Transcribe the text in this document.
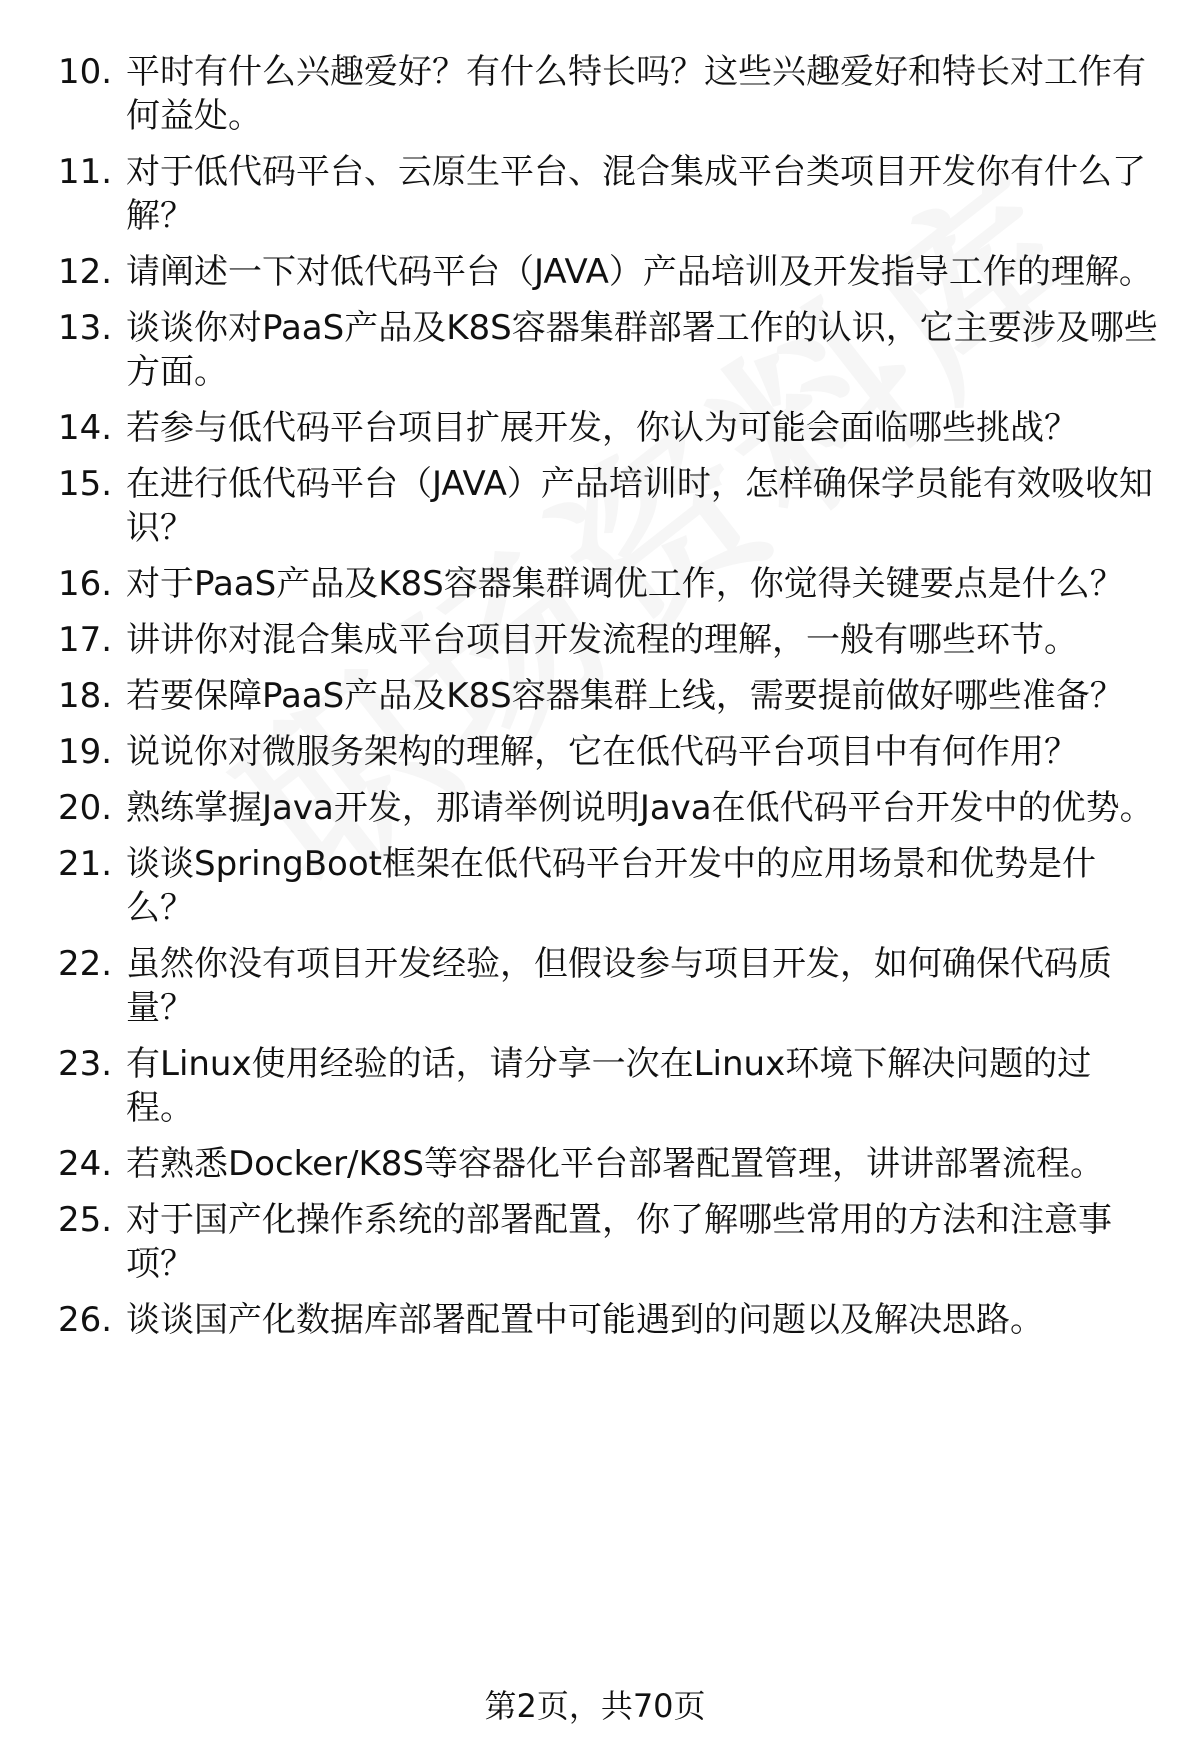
10. 平时有什么兴趣爱好？有什么特长吗？这些兴趣爱好和特长对工作有何益处。
11. 对于低代码平台、云原生平台、混合集成平台类项目开发你有什么了解？
12. 请阐述一下对低代码平台（JAVA）产品培训及开发指导工作的理解。
13. 谈谈你对PaaS产品及K8S容器集群部署工作的认识，它主要涉及哪些方面。
14. 若参与低代码平台项目扩展开发，你认为可能会面临哪些挑战？
15. 在进行低代码平台（JAVA）产品培训时，怎样确保学员能有效吸收知识？
16. 对于PaaS产品及K8S容器集群调优工作，你觉得关键要点是什么？
17. 讲讲你对混合集成平台项目开发流程的理解，一般有哪些环节。
18. 若要保障PaaS产品及K8S容器集群上线，需要提前做好哪些准备？
19. 说说你对微服务架构的理解，它在低代码平台项目中有何作用？
20. 熟练掌握Java开发，那请举例说明Java在低代码平台开发中的优势。
21. 谈谈SpringBoot框架在低代码平台开发中的应用场景和优势是什么？
22. 虽然你没有项目开发经验，但假设参与项目开发，如何确保代码质量？
23. 有Linux使用经验的话，请分享一次在Linux环境下解决问题的过程。
24. 若熟悉Docker/K8S等容器化平台部署配置管理，讲讲部署流程。
25. 对于国产化操作系统的部署配置，你了解哪些常用的方法和注意事项？
26. 谈谈国产化数据库部署配置中可能遇到的问题以及解决思路。
第2页，共70页
